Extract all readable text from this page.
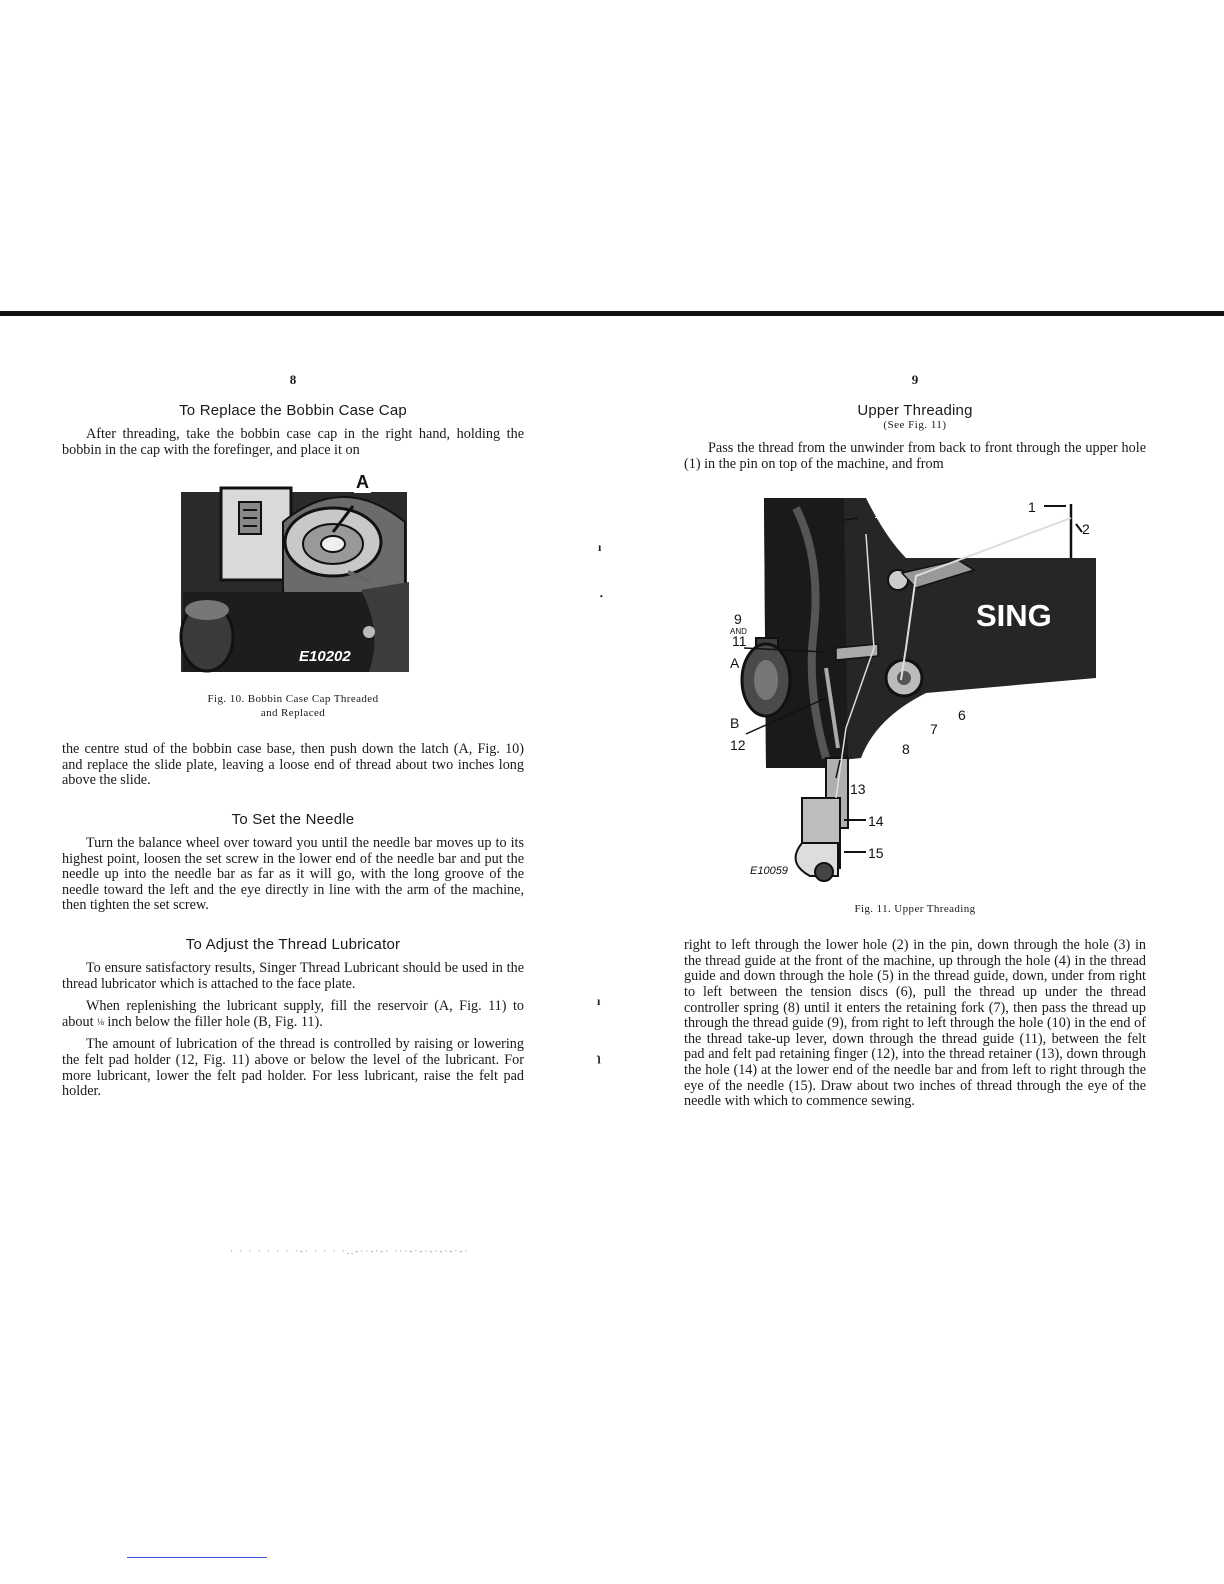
8
To Replace the Bobbin Case Cap

After threading, take the bobbin case cap in the right hand, holding the bobbin in the cap with the forefinger, and place it on

A
E10202
Fig. 10. Bobbin Case Cap Threaded
and Replaced

the centre stud of the bobbin case base, then push down the latch (A, Fig. 10) and replace the slide plate, leaving a loose end of thread about two inches long above the slide.

To Set the Needle

Turn the balance wheel over toward you until the needle bar moves up to its highest point, loosen the set screw in the lower end of the needle bar and put the needle up into the needle bar as far as it will go, with the long groove of the needle toward the left and the eye directly in line with the arm of the machine, then tighten the set screw.

To Adjust the Thread Lubricator

To ensure satisfactory results, Singer Thread Lubricant should be used in the thread lubricator which is attached to the face plate.

When replenishing the lubricant supply, fill the reservoir (A, Fig. 11) to about ⅛ inch below the filler hole (B, Fig. 11).

The amount of lubrication of the thread is controlled by raising or lowering the felt pad holder (12, Fig. 11) above or below the level of the lubricant. For more lubricant, lower the felt pad holder. For less lubricant, raise the felt pad holder.

ı
•
ı
ɿ
9
Upper Threading
(See Fig. 11)

Pass the thread from the unwinder from back to front through the upper hole (1) in the pin on top of the machine, and from

SING
1
2
3
4
5
6
7
8
9
AND
11
10
12
13
14
15
A
B
E10059
Fig. 11. Upper Threading

right to left through the lower hole (2) in the pin, down through the hole (3) in the thread guide at the front of the machine, up through the hole (4) in the thread guide and down through the hole (5) in the thread guide, down, under from right to left between the tension discs (6), pull the thread up under the thread controller spring (8) until it enters the retaining fork (7), then pass the thread up through the thread guide (9), from right to left through the hole (10) in the end of the thread take-up lever, down through the thread guide (11), between the felt pad and felt pad retaining finger (12), into the thread retainer (13), down through the hole (14) at the lower end of the needle bar and from left to right through the eye of the needle (15). Draw about two inches of thread through the eye of the needle with which to commence sewing.

· · · · · · · ·-· · · · ·..-··-·-· ···-·-·-·-·-·-·
